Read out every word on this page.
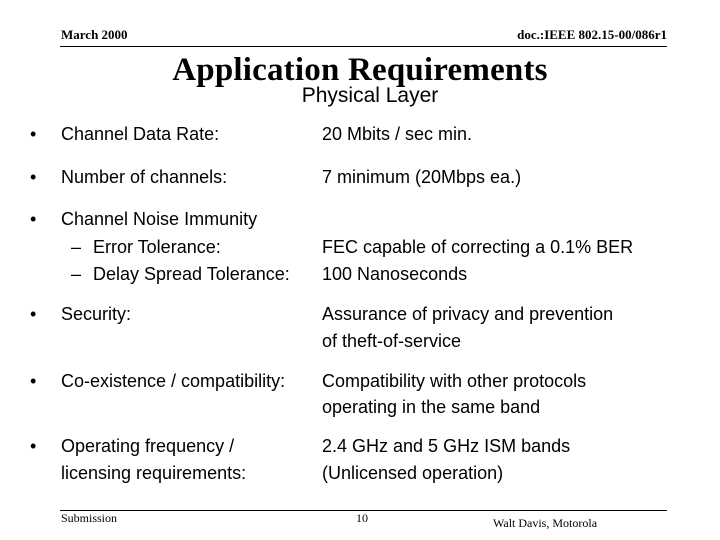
March 2000	doc.:IEEE 802.15-00/086r1
Application Requirements
Physical Layer
• Channel Data Rate:	20 Mbits / sec min.
• Number of channels:	7 minimum (20Mbps ea.)
• Channel Noise Immunity
– Error Tolerance:	FEC capable of correcting a 0.1% BER
– Delay Spread Tolerance: 100 Nanoseconds
• Security:	Assurance of privacy and prevention
of theft-of-service
• Co-existence / compatibility: Compatibility with other protocols
operating in the same band
• Operating frequency /	2.4 GHz and 5 GHz ISM bands
licensing requirements:	(Unlicensed operation)
Submission	10	Walt Davis, Motorola
